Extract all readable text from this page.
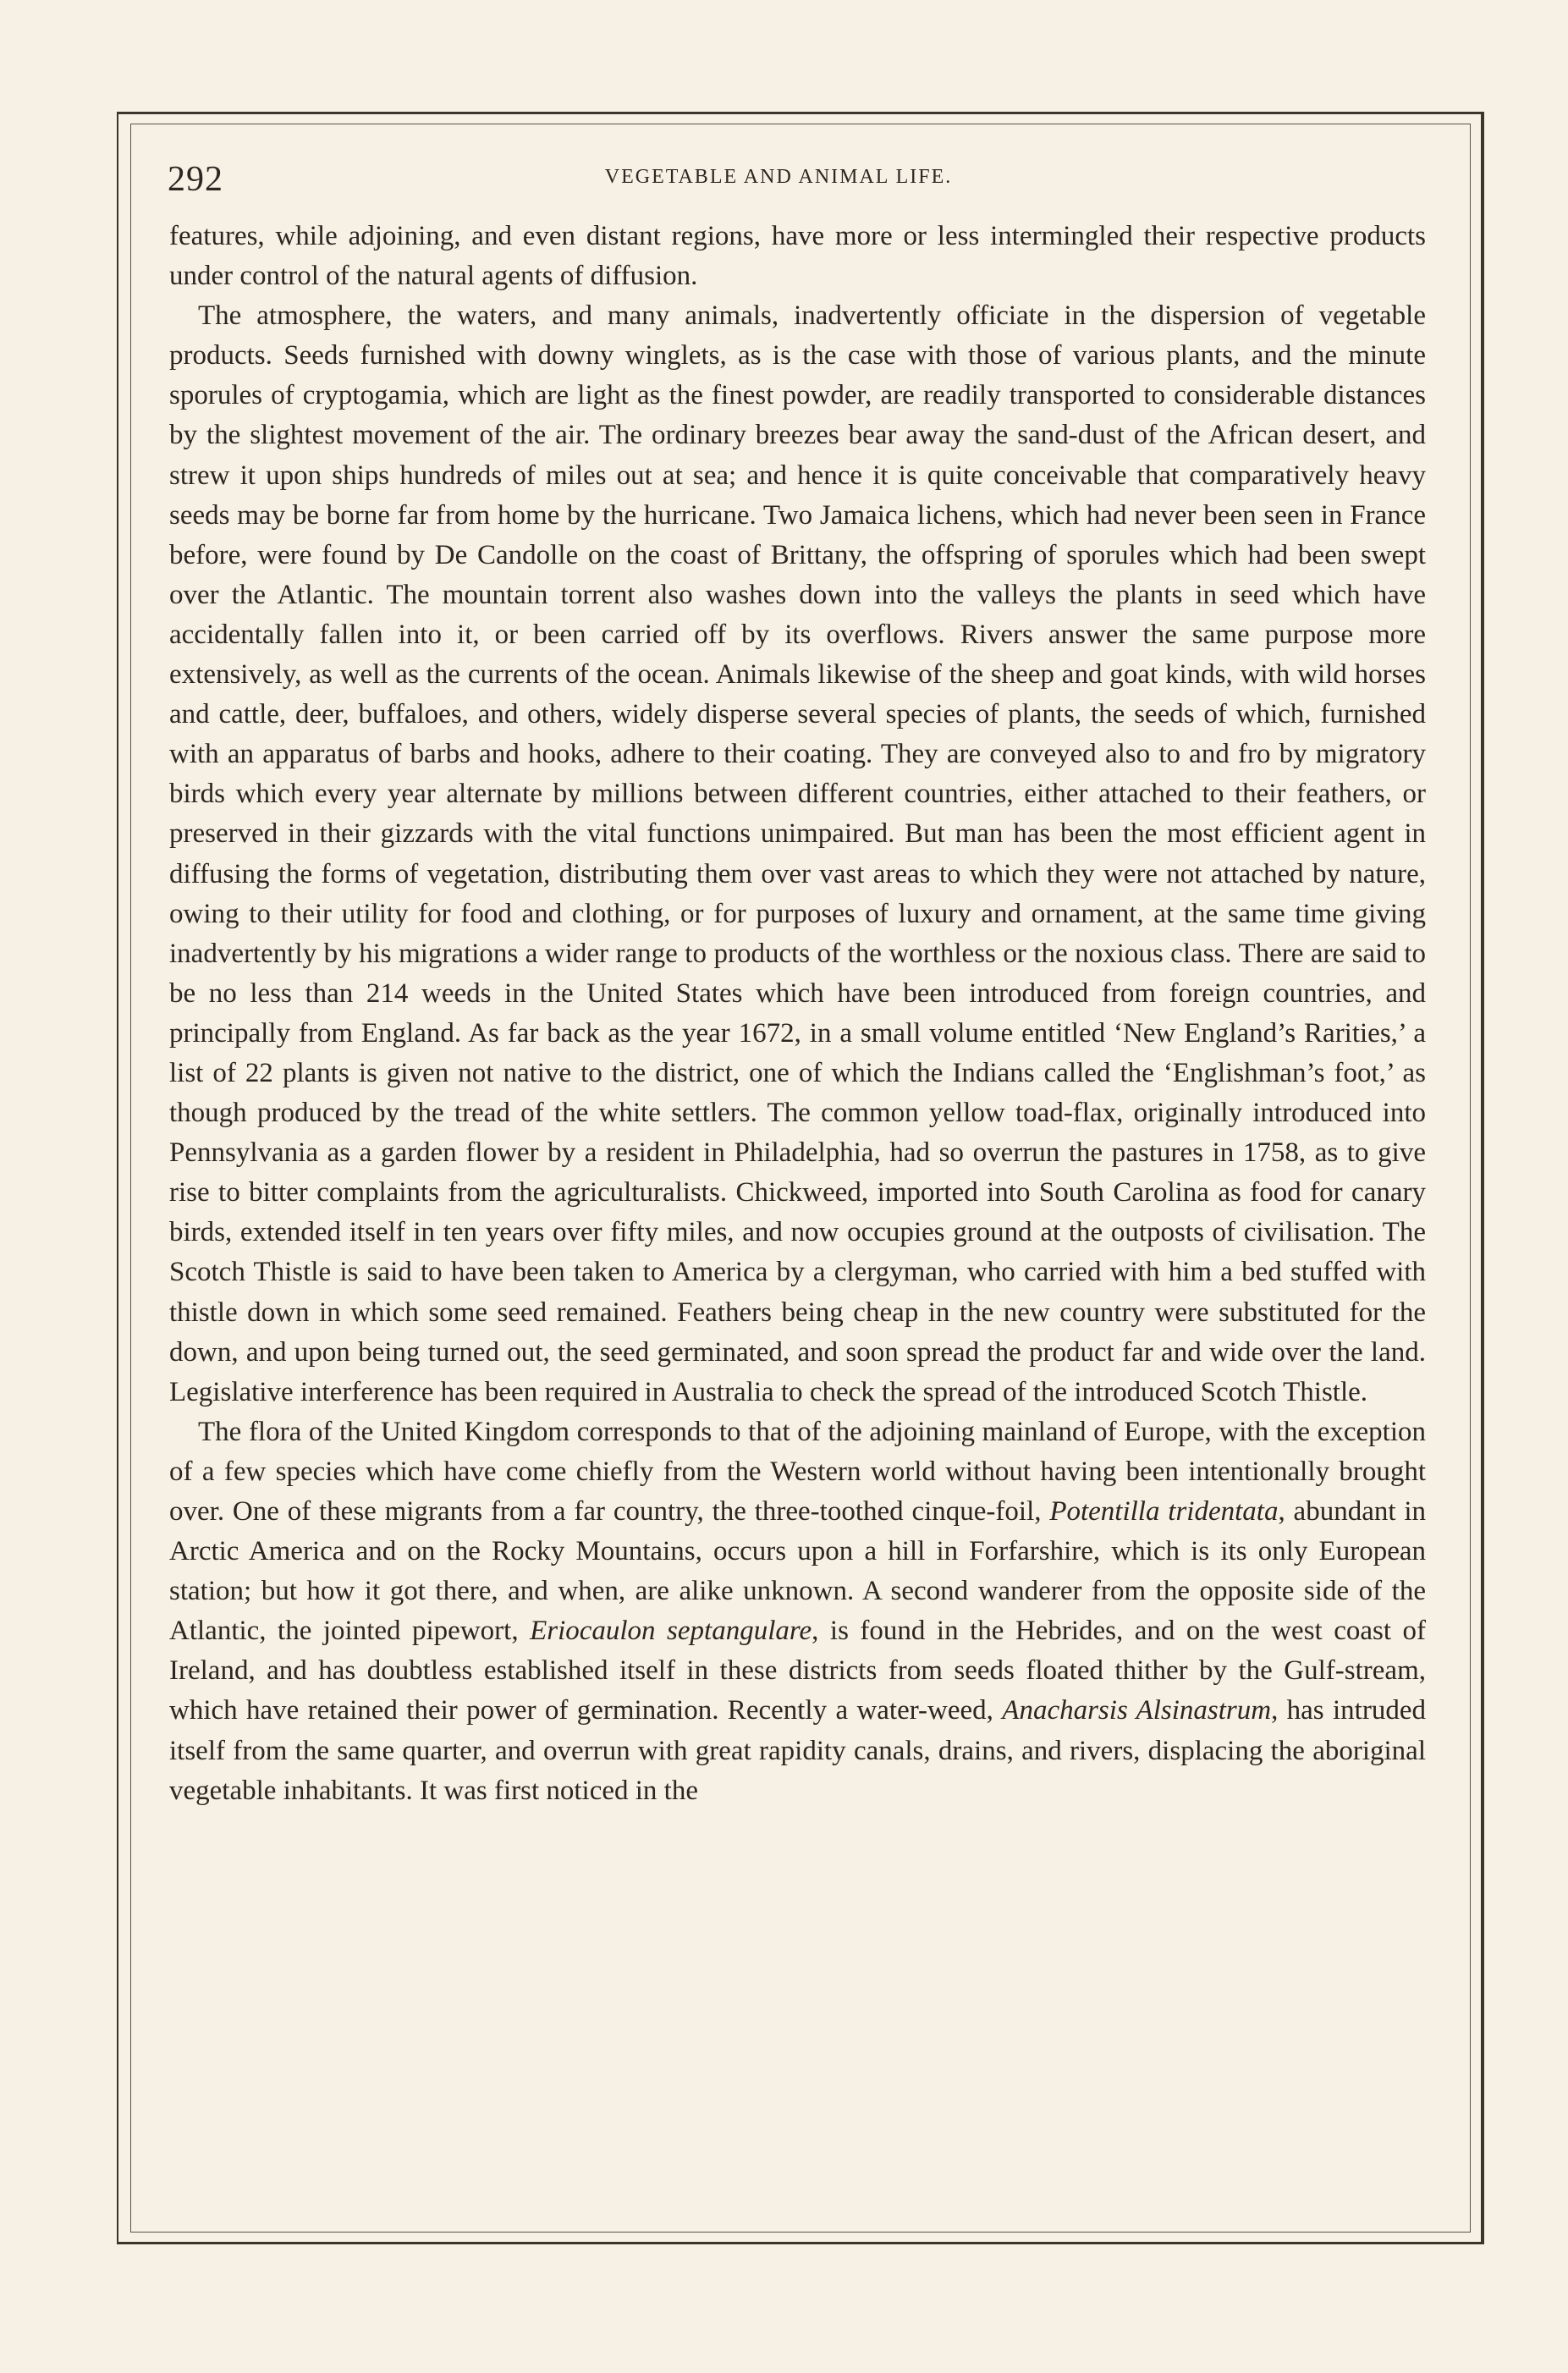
292	VEGETABLE AND ANIMAL LIFE.

features, while adjoining, and even distant regions, have more or less intermingled their respective products under control of the natural agents of diffusion.

The atmosphere, the waters, and many animals, inadvertently officiate in the dispersion of vegetable products. Seeds furnished with downy winglets, as is the case with those of various plants, and the minute sporules of cryptogamia, which are light as the finest powder, are readily transported to considerable distances by the slightest movement of the air. The ordinary breezes bear away the sand-dust of the African desert, and strew it upon ships hundreds of miles out at sea; and hence it is quite conceivable that comparatively heavy seeds may be borne far from home by the hurricane. Two Jamaica lichens, which had never been seen in France before, were found by De Candolle on the coast of Brittany, the offspring of sporules which had been swept over the Atlantic. The mountain torrent also washes down into the valleys the plants in seed which have accidentally fallen into it, or been carried off by its overflows. Rivers answer the same purpose more extensively, as well as the currents of the ocean. Animals likewise of the sheep and goat kinds, with wild horses and cattle, deer, buffaloes, and others, widely disperse several species of plants, the seeds of which, furnished with an apparatus of barbs and hooks, adhere to their coating. They are conveyed also to and fro by migratory birds which every year alternate by millions between different countries, either attached to their feathers, or preserved in their gizzards with the vital functions unimpaired. But man has been the most efficient agent in diffusing the forms of vegetation, distributing them over vast areas to which they were not attached by nature, owing to their utility for food and clothing, or for purposes of luxury and ornament, at the same time giving inadvertently by his migrations a wider range to products of the worthless or the noxious class. There are said to be no less than 214 weeds in the United States which have been introduced from foreign countries, and principally from England. As far back as the year 1672, in a small volume entitled ‘New England’s Rarities,’ a list of 22 plants is given not native to the district, one of which the Indians called the ‘Englishman’s foot,’ as though produced by the tread of the white settlers. The common yellow toad-flax, originally introduced into Pennsylvania as a garden flower by a resident in Philadelphia, had so overrun the pastures in 1758, as to give rise to bitter complaints from the agriculturalists. Chickweed, imported into South Carolina as food for canary birds, extended itself in ten years over fifty miles, and now occupies ground at the outposts of civilisation. The Scotch Thistle is said to have been taken to America by a clergyman, who carried with him a bed stuffed with thistle down in which some seed remained. Feathers being cheap in the new country were substituted for the down, and upon being turned out, the seed germinated, and soon spread the product far and wide over the land. Legislative interference has been required in Australia to check the spread of the introduced Scotch Thistle.

The flora of the United Kingdom corresponds to that of the adjoining mainland of Europe, with the exception of a few species which have come chiefly from the Western world without having been intentionally brought over. One of these migrants from a far country, the three-toothed cinque-foil, Potentilla tridentata, abundant in Arctic America and on the Rocky Mountains, occurs upon a hill in Forfarshire, which is its only European station; but how it got there, and when, are alike unknown. A second wanderer from the opposite side of the Atlantic, the jointed pipewort, Eriocaulon septangulare, is found in the Hebrides, and on the west coast of Ireland, and has doubtless established itself in these districts from seeds floated thither by the Gulf-stream, which have retained their power of germination. Recently a water-weed, Anacharsis Alsinastrum, has intruded itself from the same quarter, and overrun with great rapidity canals, drains, and rivers, displacing the aboriginal vegetable inhabitants. It was first noticed in the
